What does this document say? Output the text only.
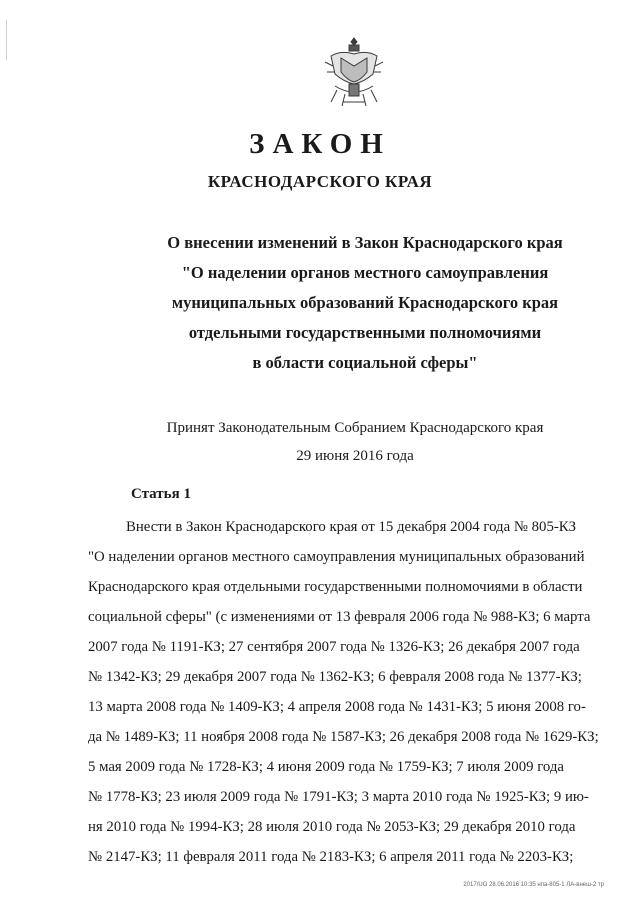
ЗАКОН
КРАСНОДАРСКОГО КРАЯ
О внесении изменений в Закон Краснодарского края
"О наделении органов местного самоуправления
муниципальных образований Краснодарского края
отдельными государственными полномочиями
в области социальной сферы"
Принят Законодательным Собранием Краснодарского края
29 июня 2016 года
Статья 1
Внести в Закон Краснодарского края от 15 декабря 2004 года № 805-КЗ
"О наделении органов местного самоуправления муниципальных образований
Краснодарского края отдельными государственными полномочиями в области
социальной сферы" (с изменениями от 13 февраля 2006 года № 988-КЗ; 6 марта
2007 года № 1191-КЗ; 27 сентября 2007 года № 1326-КЗ; 26 декабря 2007 года
№ 1342-КЗ; 29 декабря 2007 года № 1362-КЗ; 6 февраля 2008 года № 1377-КЗ;
13 марта 2008 года № 1409-КЗ; 4 апреля 2008 года № 1431-КЗ; 5 июня 2008 го-
да № 1489-КЗ; 11 ноября 2008 года № 1587-КЗ; 26 декабря 2008 года № 1629-КЗ;
5 мая 2009 года № 1728-КЗ; 4 июня 2009 года № 1759-КЗ; 7 июля 2009 года
№ 1778-КЗ; 23 июля 2009 года № 1791-КЗ; 3 марта 2010 года № 1925-КЗ; 9 ию-
ня 2010 года № 1994-КЗ; 28 июля 2010 года № 2053-КЗ; 29 декабря 2010 года
№ 2147-КЗ; 11 февраля 2011 года № 2183-КЗ; 6 апреля 2011 года № 2203-КЗ;
2017/UG 28.06.2016 10:35 нпа-805-1 ЛА-внеш-2 тр
